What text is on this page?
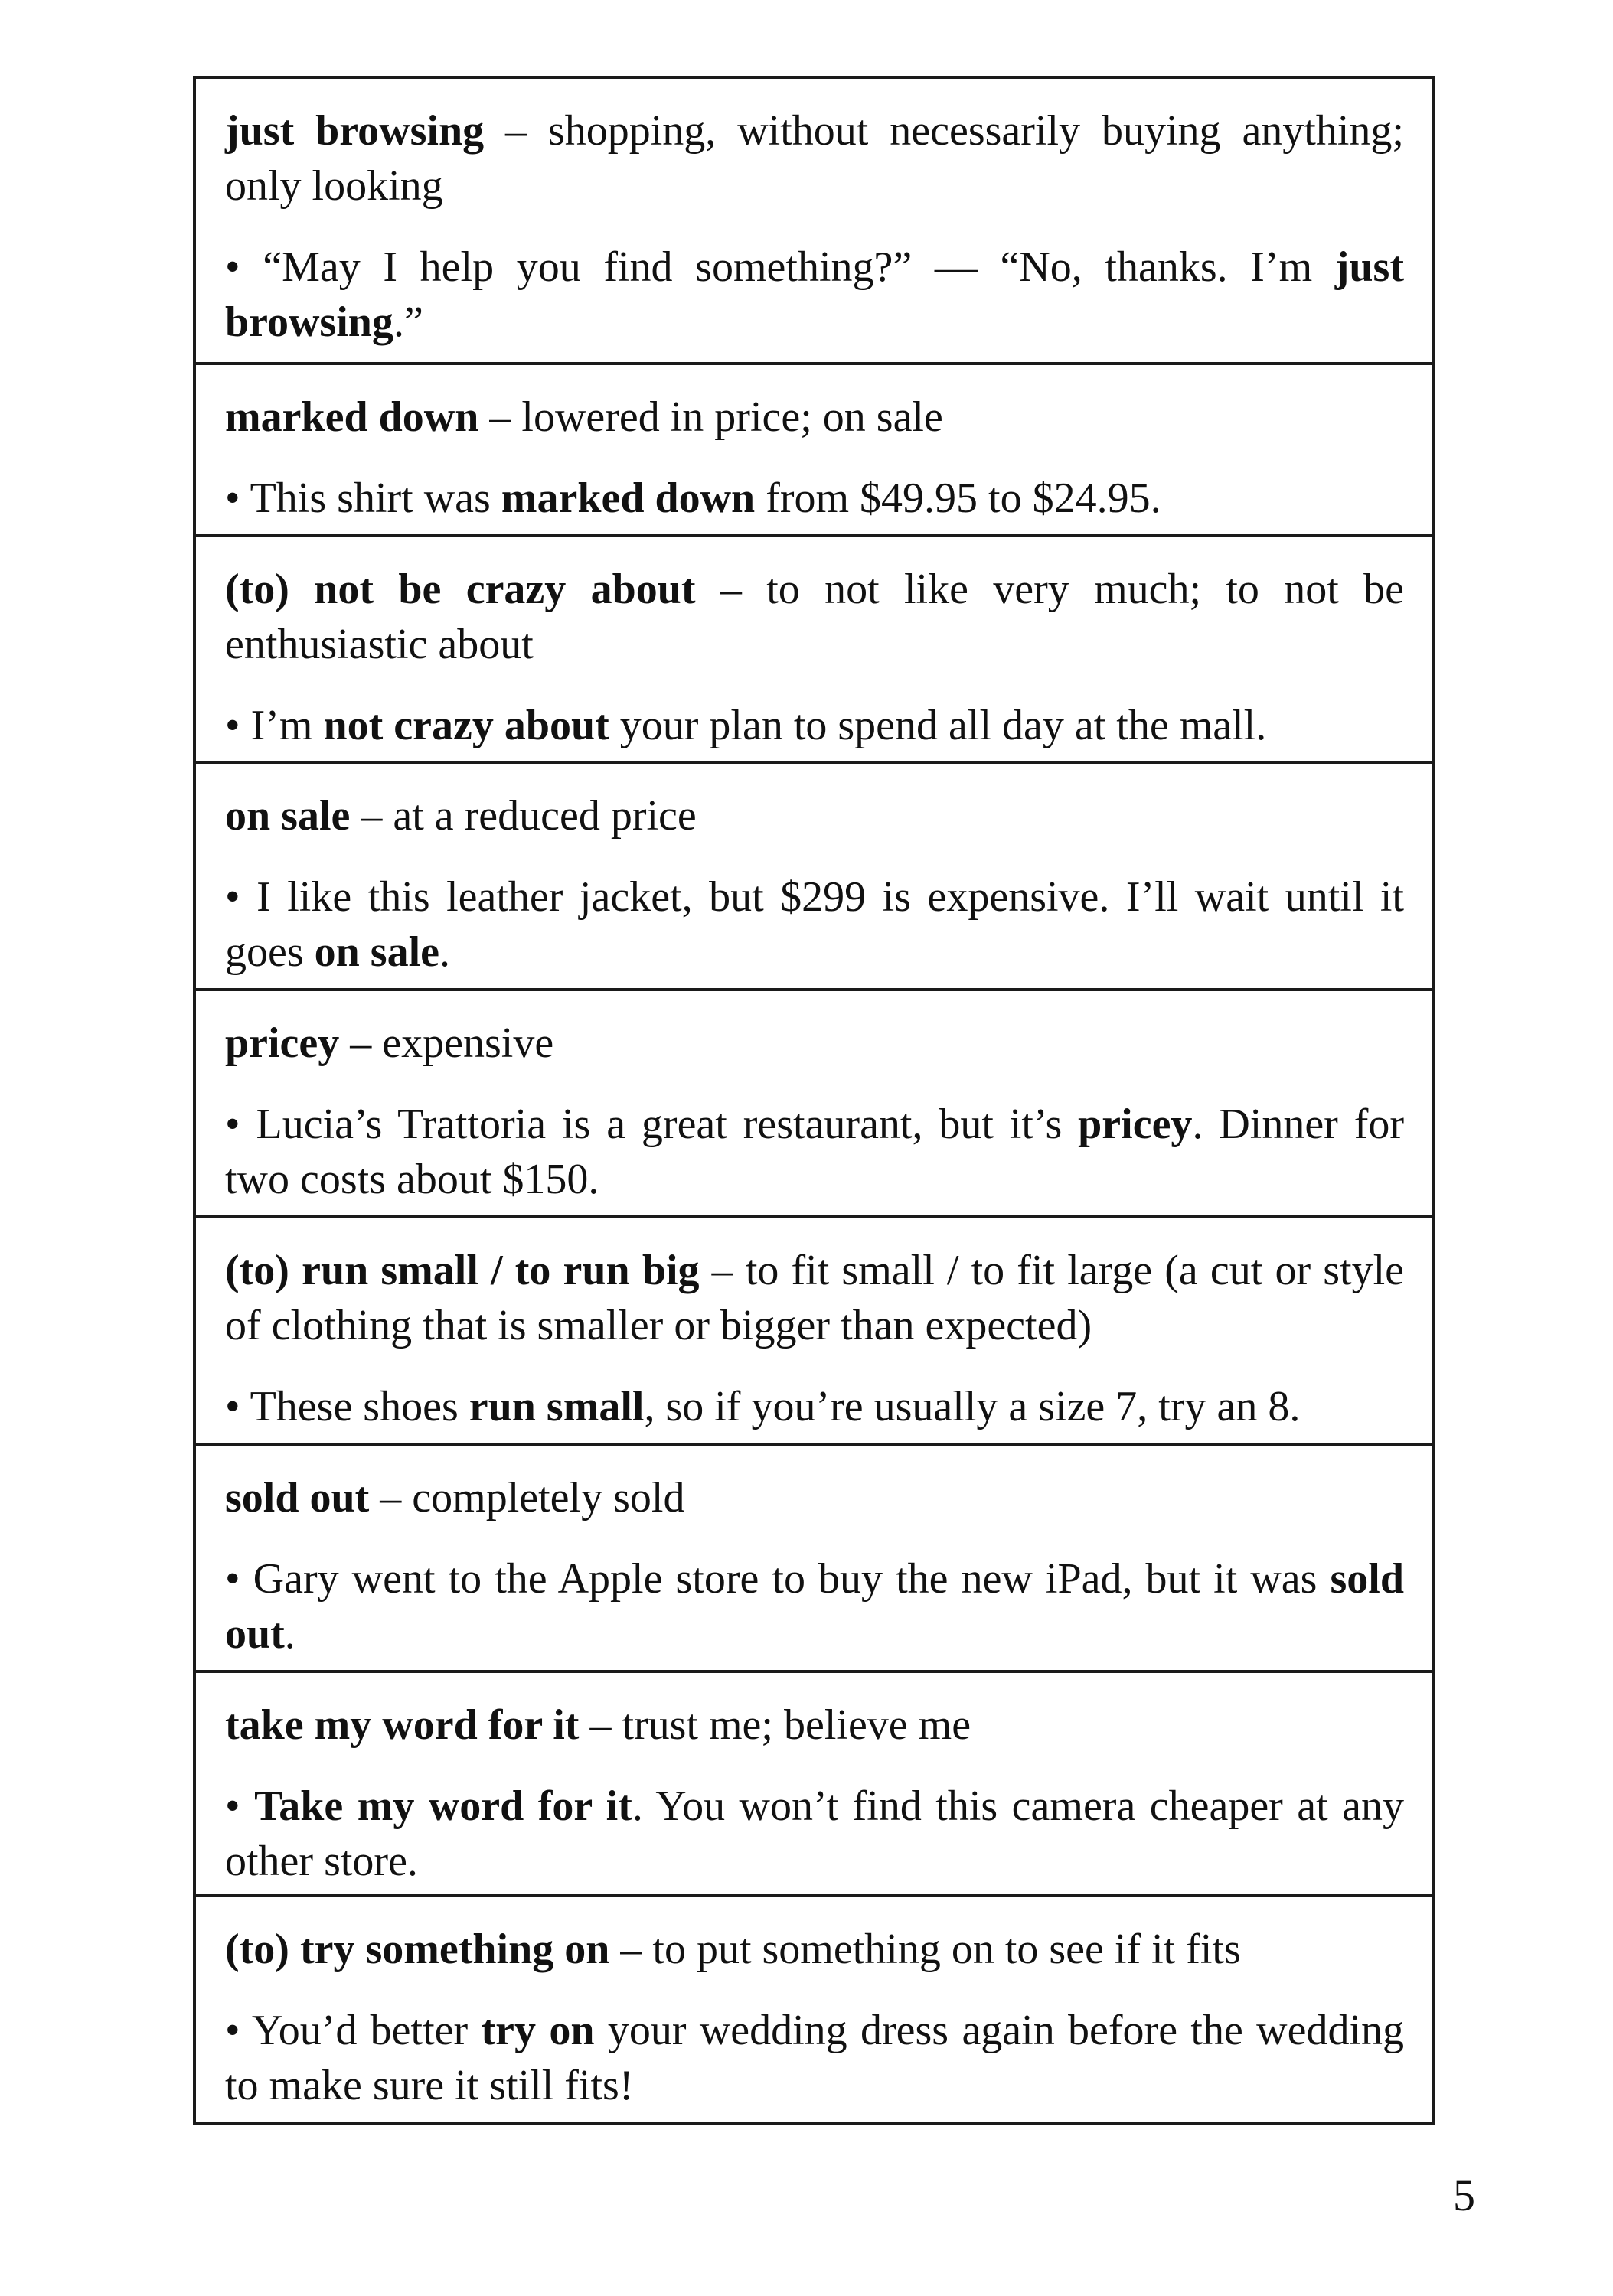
just browsing – shopping, without necessarily buying anything; only looking

• “May I help you find something?” — “No, thanks. I’m just browsing.”

marked down – lowered in price; on sale

• This shirt was marked down from $49.95 to $24.95.

(to) not be crazy about – to not like very much; to not be enthusiastic about

• I’m not crazy about your plan to spend all day at the mall.

on sale – at a reduced price

• I like this leather jacket, but $299 is expensive. I’ll wait until it goes on sale.

pricey – expensive

• Lucia’s Trattoria is a great restaurant, but it’s pricey. Dinner for two costs about $150.

(to) run small / to run big – to fit small / to fit large (a cut or style of clothing that is smaller or bigger than expected)

• These shoes run small, so if you’re usually a size 7, try an 8.

sold out – completely sold

• Gary went to the Apple store to buy the new iPad, but it was sold out.

take my word for it – trust me; believe me

• Take my word for it. You won’t find this camera cheaper at any other store.

(to) try something on – to put something on to see if it fits

• You’d better try on your wedding dress again before the wedding to make sure it still fits!

5
